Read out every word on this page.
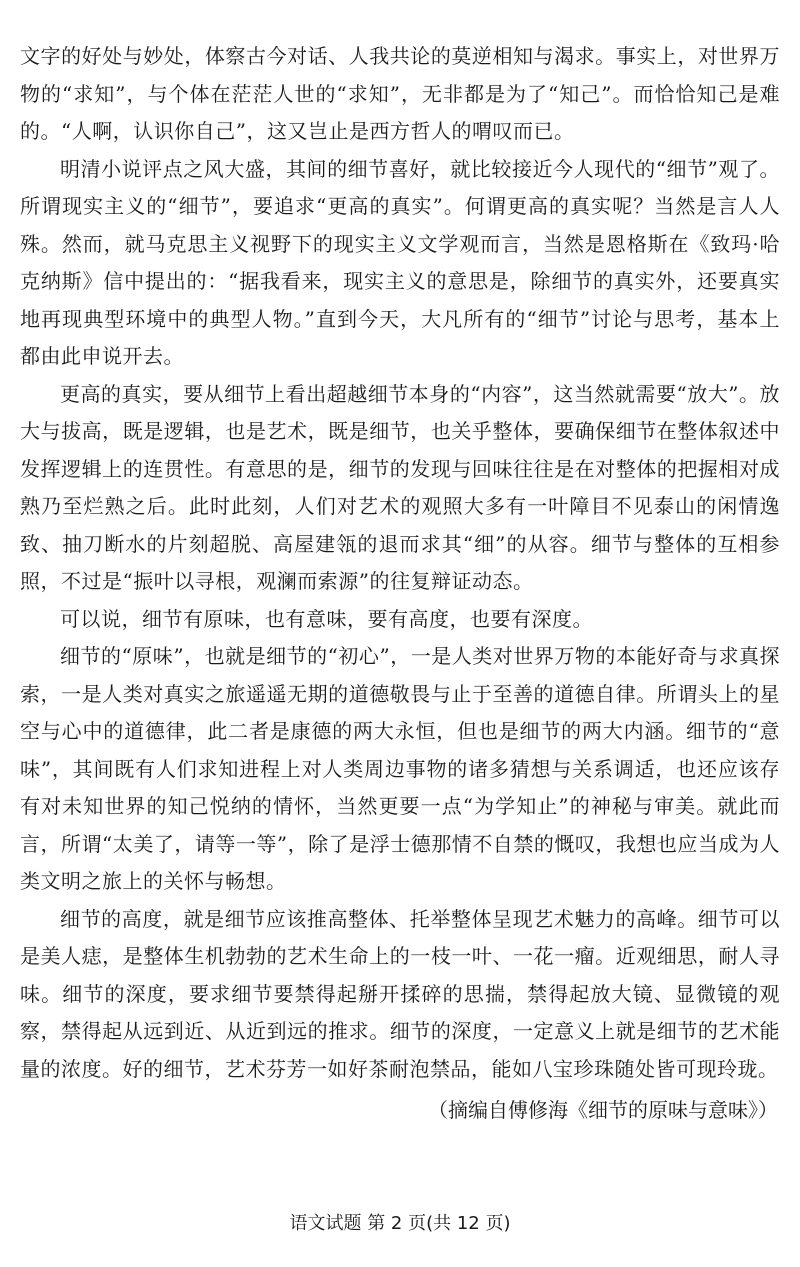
文字的好处与妙处，体察古今对话、人我共论的莫逆相知与渴求。事实上，对世界万物的“求知”，与个体在茫茫人世的“求知”，无非都是为了“知己”。而恰恰知己是难的。“人啊，认识你自己”，这又岂止是西方哲人的喟叹而已。

明清小说评点之风大盛，其间的细节喜好，就比较接近今人现代的“细节”观了。所谓现实主义的“细节”，要追求“更高的真实”。何谓更高的真实呢？当然是言人人殊。然而，就马克思主义视野下的现实主义文学观而言，当然是恩格斯在《致玛·哈克纳斯》信中提出的：“据我看来，现实主义的意思是，除细节的真实外，还要真实地再现典型环境中的典型人物。”直到今天，大凡所有的“细节”讨论与思考，基本上都由此申说开去。

更高的真实，要从细节上看出超越细节本身的“内容”，这当然就需要“放大”。放大与拔高，既是逻辑，也是艺术，既是细节，也关乎整体，要确保细节在整体叙述中发挥逻辑上的连贯性。有意思的是，细节的发现与回味往往是在对整体的把握相对成熟乃至烂熟之后。此时此刻，人们对艺术的观照大多有一叶障目不见泰山的闲情逸致、抽刀断水的片刻超脱、高屋建瓴的退而求其“细”的从容。细节与整体的互相参照，不过是“振叶以寻根，观澜而索源”的往复辩证动态。

可以说，细节有原味，也有意味，要有高度，也要有深度。

细节的“原味”，也就是细节的“初心”，一是人类对世界万物的本能好奇与求真探索，一是人类对真实之旅遥遥无期的道德敬畏与止于至善的道德自律。所谓头上的星空与心中的道德律，此二者是康德的两大永恒，但也是细节的两大内涵。细节的“意味”，其间既有人们求知进程上对人类周边事物的诸多猜想与关系调适，也还应该存有对未知世界的知己悦纳的情怀，当然更要一点“为学知止”的神秘与审美。就此而言，所谓“太美了，请等一等”，除了是浮士德那情不自禁的慨叹，我想也应当成为人类文明之旅上的关怀与畅想。

细节的高度，就是细节应该推高整体、托举整体呈现艺术魅力的高峰。细节可以是美人痣，是整体生机勃勃的艺术生命上的一枝一叶、一花一瘤。近观细思，耐人寻味。细节的深度，要求细节要禁得起掰开揉碎的思揣，禁得起放大镜、显微镜的观察，禁得起从远到近、从近到远的推求。细节的深度，一定意义上就是细节的艺术能量的浓度。好的细节，艺术芬芳一如好茶耐泡禁品，能如八宝珍珠随处皆可现玲珑。

（摘编自傅修海《细节的原味与意味》）

语文试题 第 2 页(共 12 页)
